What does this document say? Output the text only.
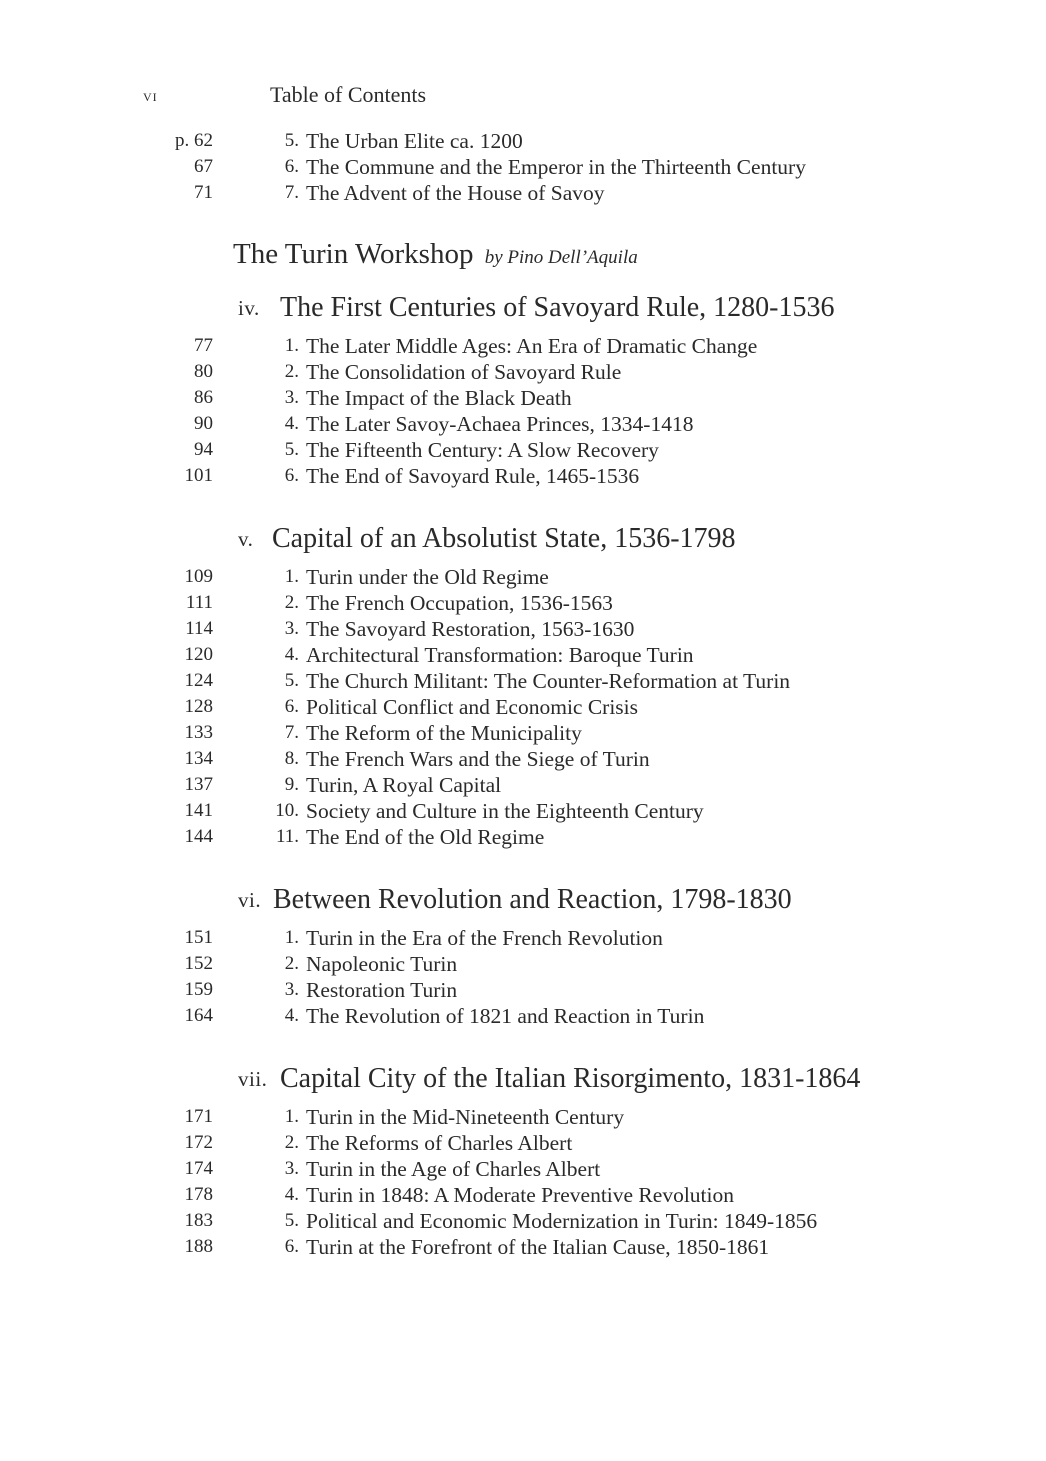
vi	Table of Contents
p. 62	5. The Urban Elite ca. 1200
67	6. The Commune and the Emperor in the Thirteenth Century
71	7. The Advent of the House of Savoy
The Turin Workshop by Pino Dell’Aquila
iv. The First Centuries of Savoyard Rule, 1280-1536
77	1. The Later Middle Ages: An Era of Dramatic Change
80	2. The Consolidation of Savoyard Rule
86	3. The Impact of the Black Death
90	4. The Later Savoy-Achaea Princes, 1334-1418
94	5. The Fifteenth Century: A Slow Recovery
101	6. The End of Savoyard Rule, 1465-1536
v. Capital of an Absolutist State, 1536-1798
109	1. Turin under the Old Regime
111	2. The French Occupation, 1536-1563
114	3. The Savoyard Restoration, 1563-1630
120	4. Architectural Transformation: Baroque Turin
124	5. The Church Militant: The Counter-Reformation at Turin
128	6. Political Conflict and Economic Crisis
133	7. The Reform of the Municipality
134	8. The French Wars and the Siege of Turin
137	9. Turin, A Royal Capital
141	10. Society and Culture in the Eighteenth Century
144	11. The End of the Old Regime
vi. Between Revolution and Reaction, 1798-1830
151	1. Turin in the Era of the French Revolution
152	2. Napoleonic Turin
159	3. Restoration Turin
164	4. The Revolution of 1821 and Reaction in Turin
vii. Capital City of the Italian Risorgimento, 1831-1864
171	1. Turin in the Mid-Nineteenth Century
172	2. The Reforms of Charles Albert
174	3. Turin in the Age of Charles Albert
178	4. Turin in 1848: A Moderate Preventive Revolution
183	5. Political and Economic Modernization in Turin: 1849-1856
188	6. Turin at the Forefront of the Italian Cause, 1850-1861
